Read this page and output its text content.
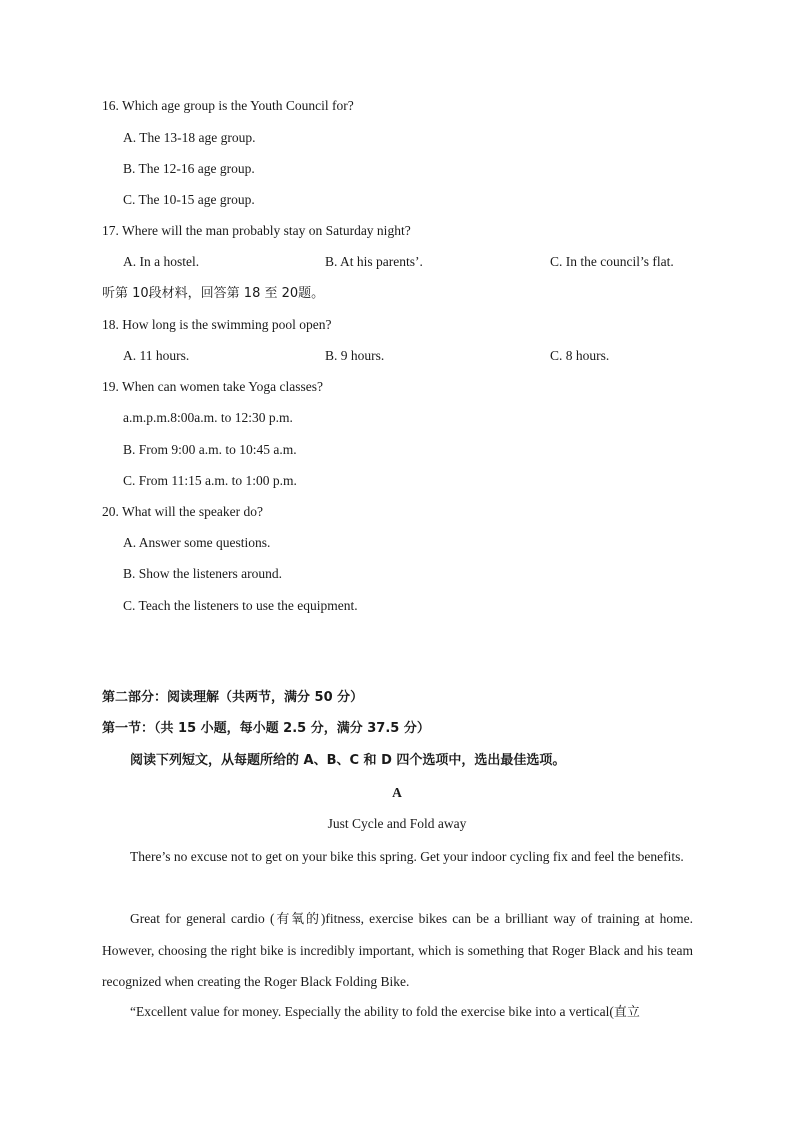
16. Which age group is the Youth Council for?
A. The 13-18 age group.
B. The 12-16 age group.
C. The 10-15 age group.
17. Where will the man probably stay on Saturday night?
A. In a hostel.	B. At his parents’.	C. In the council’s flat.
听第 10段材料，回答第 18 至 20题。
18. How long is the swimming pool open?
A. 11 hours.	B. 9 hours.	C. 8 hours.
19. When can women take Yoga classes?
a.m.p.m.8:00a.m. to 12:30 p.m.
B. From 9:00 a.m. to 10:45 a.m.
C. From 11:15 a.m. to 1:00 p.m.
20. What will the speaker do?
A. Answer some questions.
B. Show the listeners around.
C. Teach the listeners to use the equipment.
第二部分：阅读理解（共两节，满分 50 分）
第一节：（共 15 小题，每小题 2.5 分，满分 37.5 分）
阅读下列短文，从每题所给的 A、B、C 和 D 四个选项中，选出最佳选项。
A
Just Cycle and Fold away
There’s no excuse not to get on your bike this spring. Get your indoor cycling fix and feel the benefits.
Great for general cardio (有氧的)fitness, exercise bikes can be a brilliant way of training at home. However, choosing the right bike is incredibly important, which is something that Roger Black and his team recognized when creating the Roger Black Folding Bike.
“Excellent value for money. Especially the ability to fold the exercise bike into a vertical(直立
